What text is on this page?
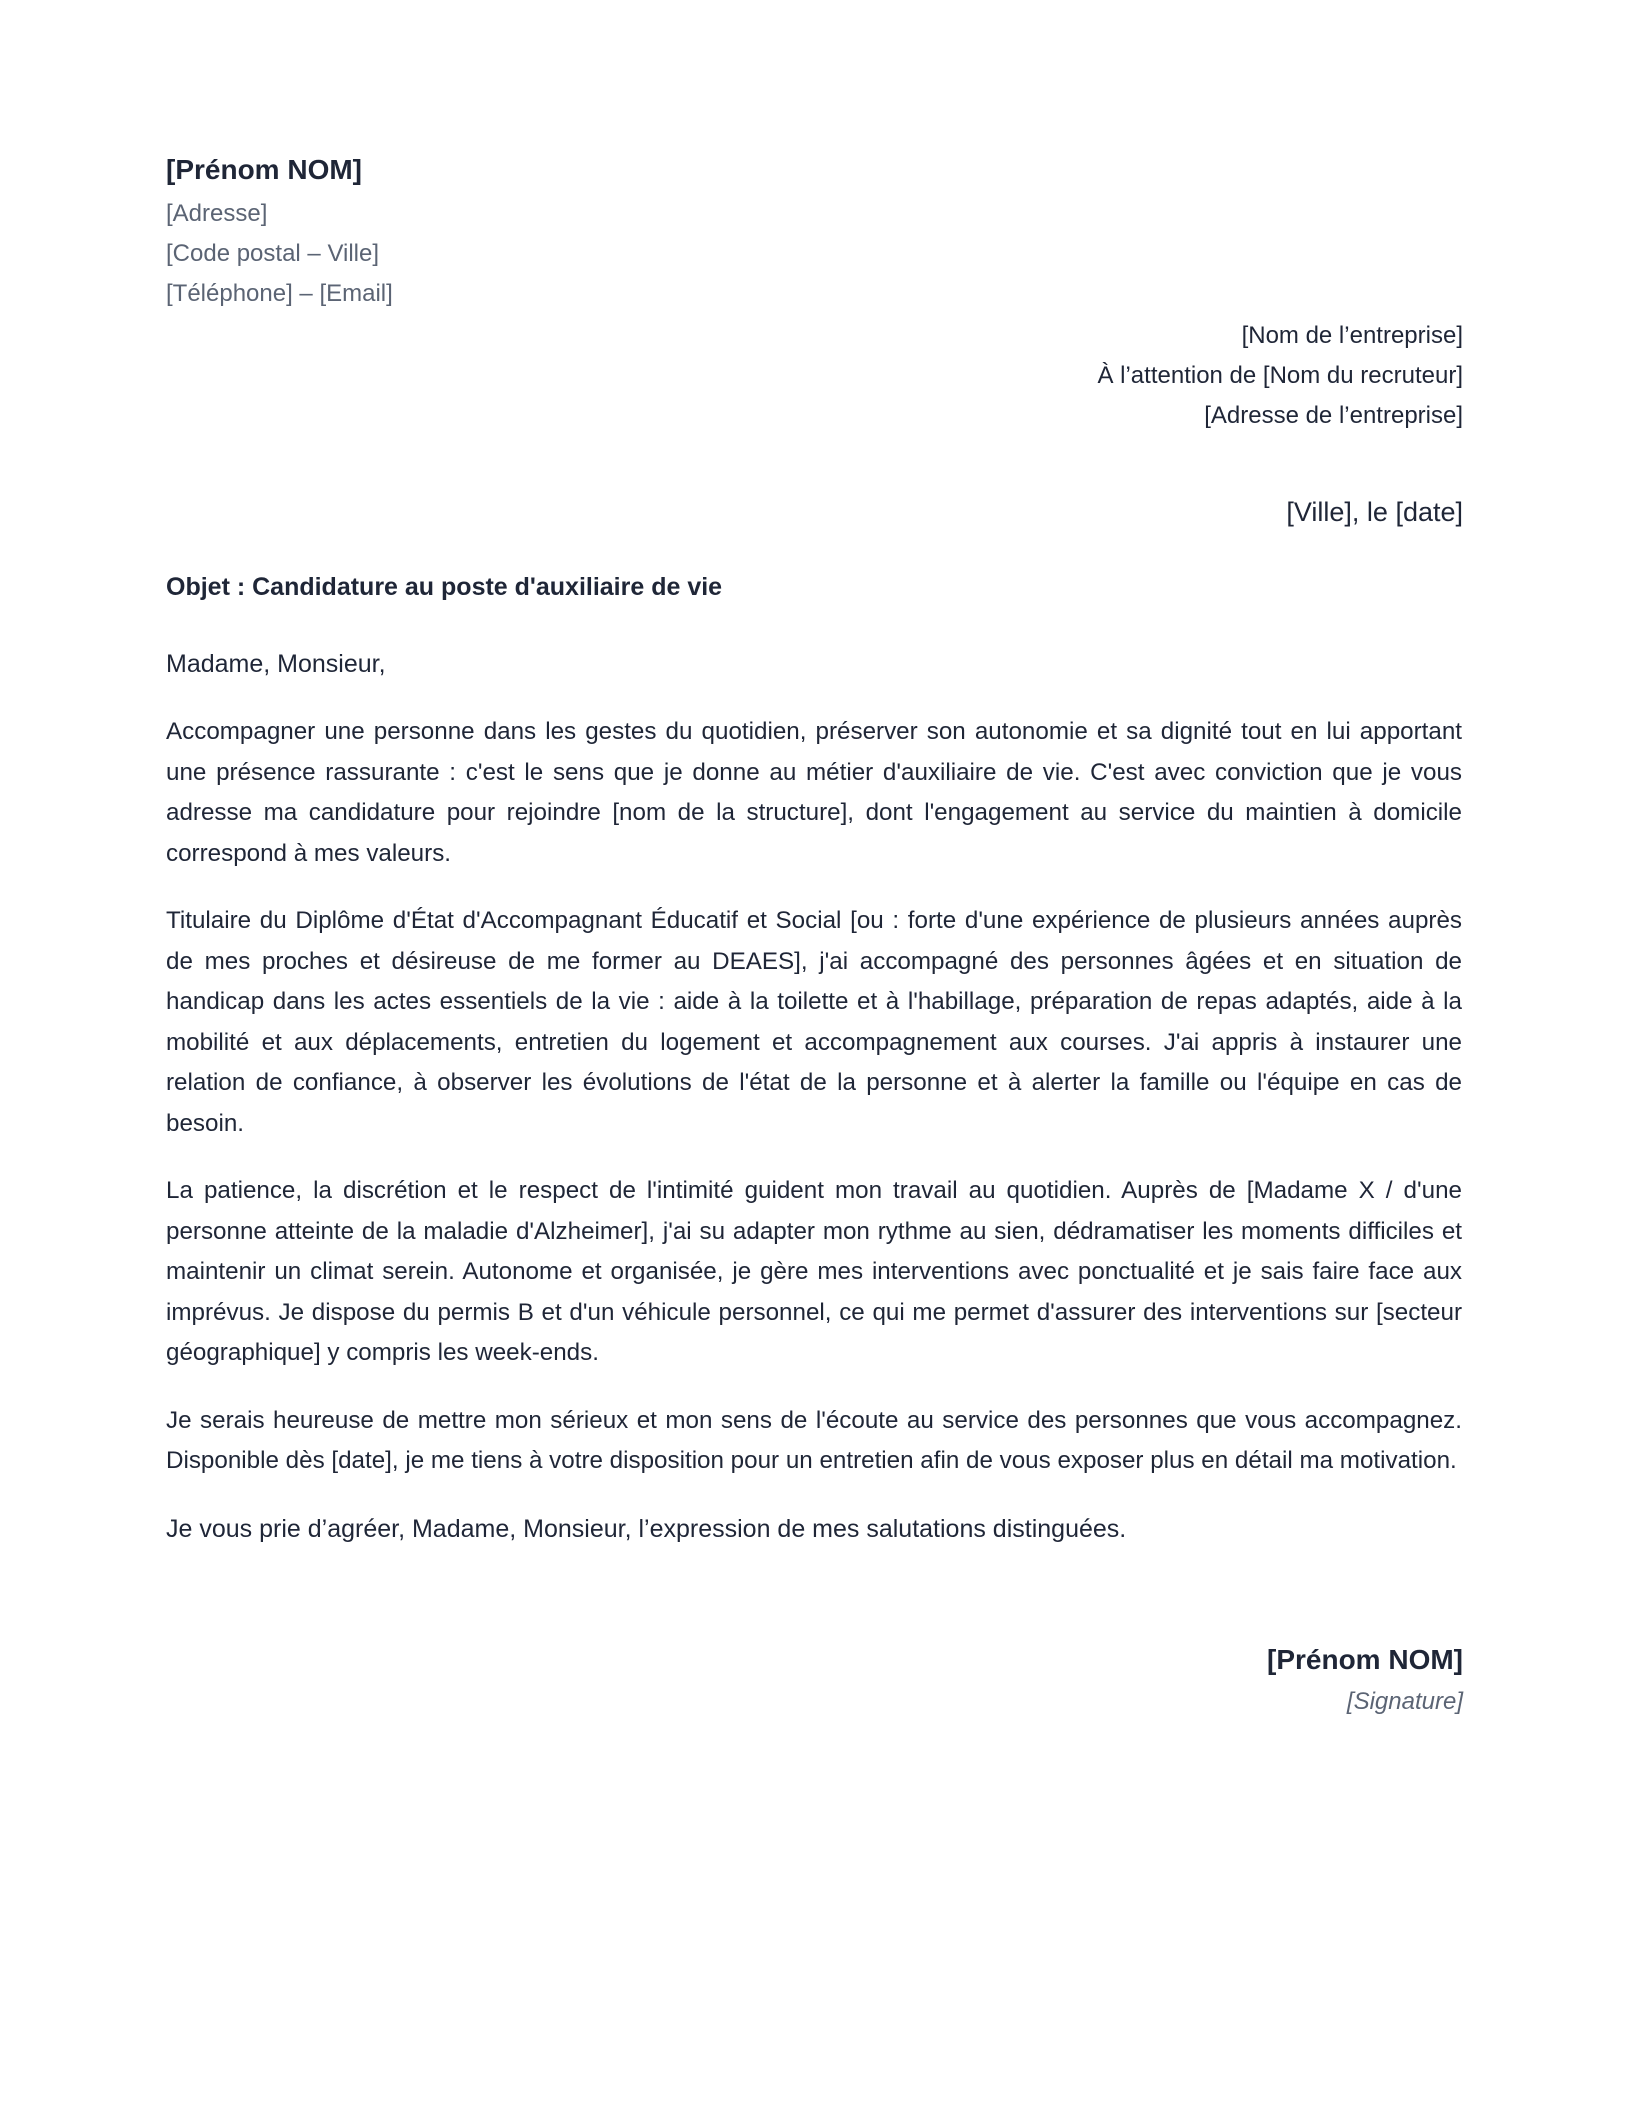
[Prénom NOM]
[Adresse]
[Code postal – Ville]
[Téléphone] – [Email]
[Nom de l’entreprise]
À l’attention de [Nom du recruteur]
[Adresse de l’entreprise]
[Ville], le [date]
Objet : Candidature au poste d'auxiliaire de vie

Madame, Monsieur,

Accompagner une personne dans les gestes du quotidien, préserver son autonomie et sa dignité tout en lui apportant une présence rassurante : c'est le sens que je donne au métier d'auxiliaire de vie. C'est avec conviction que je vous adresse ma candidature pour rejoindre [nom de la structure], dont l'engagement au service du maintien à domicile correspond à mes valeurs.

Titulaire du Diplôme d'État d'Accompagnant Éducatif et Social [ou : forte d'une expérience de plusieurs années auprès de mes proches et désireuse de me former au DEAES], j'ai accompagné des personnes âgées et en situation de handicap dans les actes essentiels de la vie : aide à la toilette et à l'habillage, préparation de repas adaptés, aide à la mobilité et aux déplacements, entretien du logement et accompagnement aux courses. J'ai appris à instaurer une relation de confiance, à observer les évolutions de l'état de la personne et à alerter la famille ou l'équipe en cas de besoin.

La patience, la discrétion et le respect de l'intimité guident mon travail au quotidien. Auprès de [Madame X / d'une personne atteinte de la maladie d'Alzheimer], j'ai su adapter mon rythme au sien, dédramatiser les moments difficiles et maintenir un climat serein. Autonome et organisée, je gère mes interventions avec ponctualité et je sais faire face aux imprévus. Je dispose du permis B et d'un véhicule personnel, ce qui me permet d'assurer des interventions sur [secteur géographique] y compris les week-ends.

Je serais heureuse de mettre mon sérieux et mon sens de l'écoute au service des personnes que vous accompagnez. Disponible dès [date], je me tiens à votre disposition pour un entretien afin de vous exposer plus en détail ma motivation.

Je vous prie d’agréer, Madame, Monsieur, l’expression de mes salutations distinguées.

[Prénom NOM]
[Signature]
